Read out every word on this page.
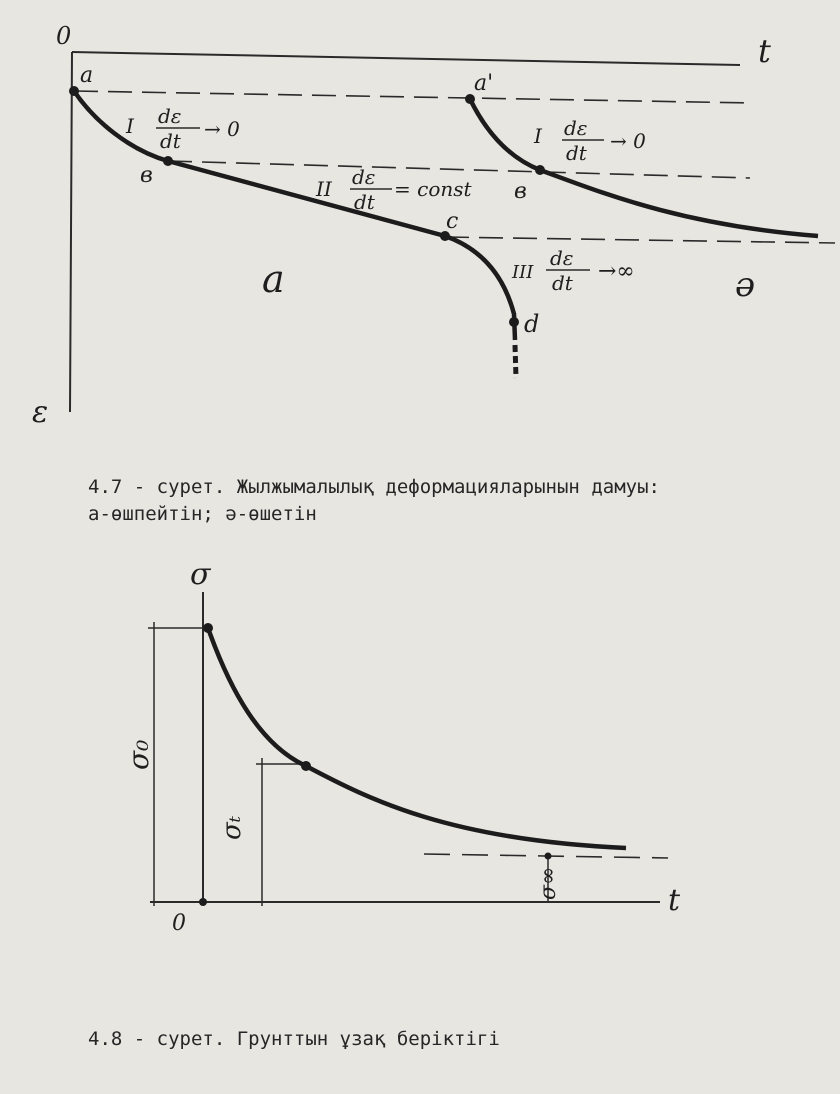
0	t
ε
a	a'
в
в
c
d
I dε
dt → 0	I dε
dt → 0
II dε
dt
= const
III
dε
dt →∞
а	ә
σ
t
0
σ₀
σₜ
σ∞
4.7 - сурет. Жылжымалылық деформацияларынын дамуы:
а-өшпейтін; ә-өшетін
4.8 - сурет. Грунттын ұзақ беріктігі
